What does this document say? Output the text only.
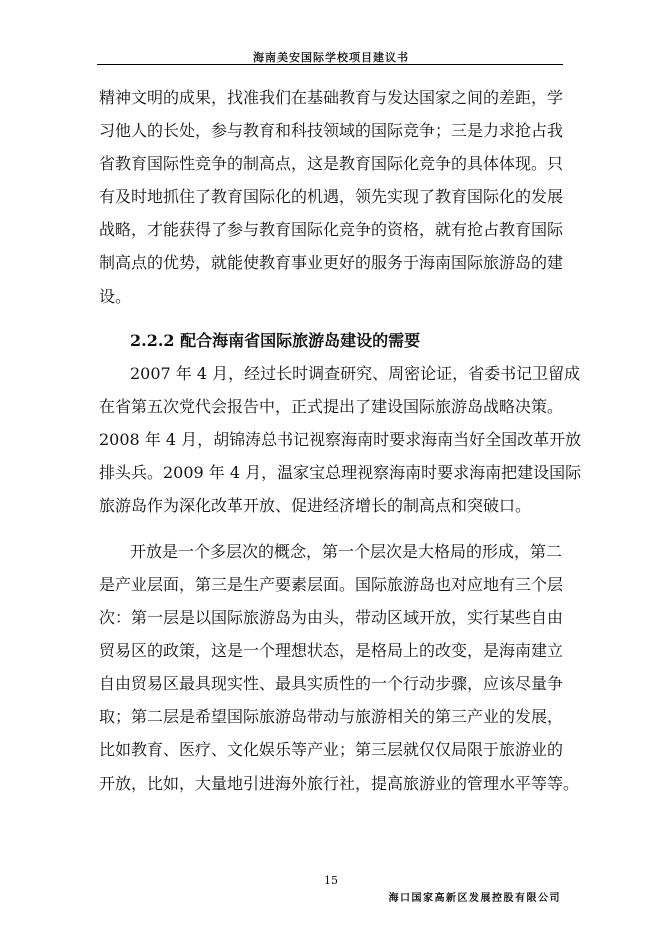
海南美安国际学校项目建议书
精神文明的成果，找准我们在基础教育与发达国家之间的差距，学
习他人的长处，参与教育和科技领域的国际竞争；三是力求抢占我
省教育国际性竞争的制高点，这是教育国际化竞争的具体体现。只
有及时地抓住了教育国际化的机遇，领先实现了教育国际化的发展
战略，才能获得了参与教育国际化竞争的资格，就有抢占教育国际
制高点的优势，就能使教育事业更好的服务于海南国际旅游岛的建
设。
2.2.2 配合海南省国际旅游岛建设的需要
2007 年 4 月，经过长时调查研究、周密论证，省委书记卫留成
在省第五次党代会报告中，正式提出了建设国际旅游岛战略决策。
2008 年 4 月，胡锦涛总书记视察海南时要求海南当好全国改革开放
排头兵。2009 年 4 月，温家宝总理视察海南时要求海南把建设国际
旅游岛作为深化改革开放、促进经济增长的制高点和突破口。
开放是一个多层次的概念，第一个层次是大格局的形成，第二
是产业层面，第三是生产要素层面。国际旅游岛也对应地有三个层
次：第一层是以国际旅游岛为由头，带动区域开放，实行某些自由
贸易区的政策，这是一个理想状态，是格局上的改变，是海南建立
自由贸易区最具现实性、最具实质性的一个行动步骤，应该尽量争
取；第二层是希望国际旅游岛带动与旅游相关的第三产业的发展，
比如教育、医疗、文化娱乐等产业；第三层就仅仅局限于旅游业的
开放，比如，大量地引进海外旅行社，提高旅游业的管理水平等等。
15
海口国家高新区发展控股有限公司
